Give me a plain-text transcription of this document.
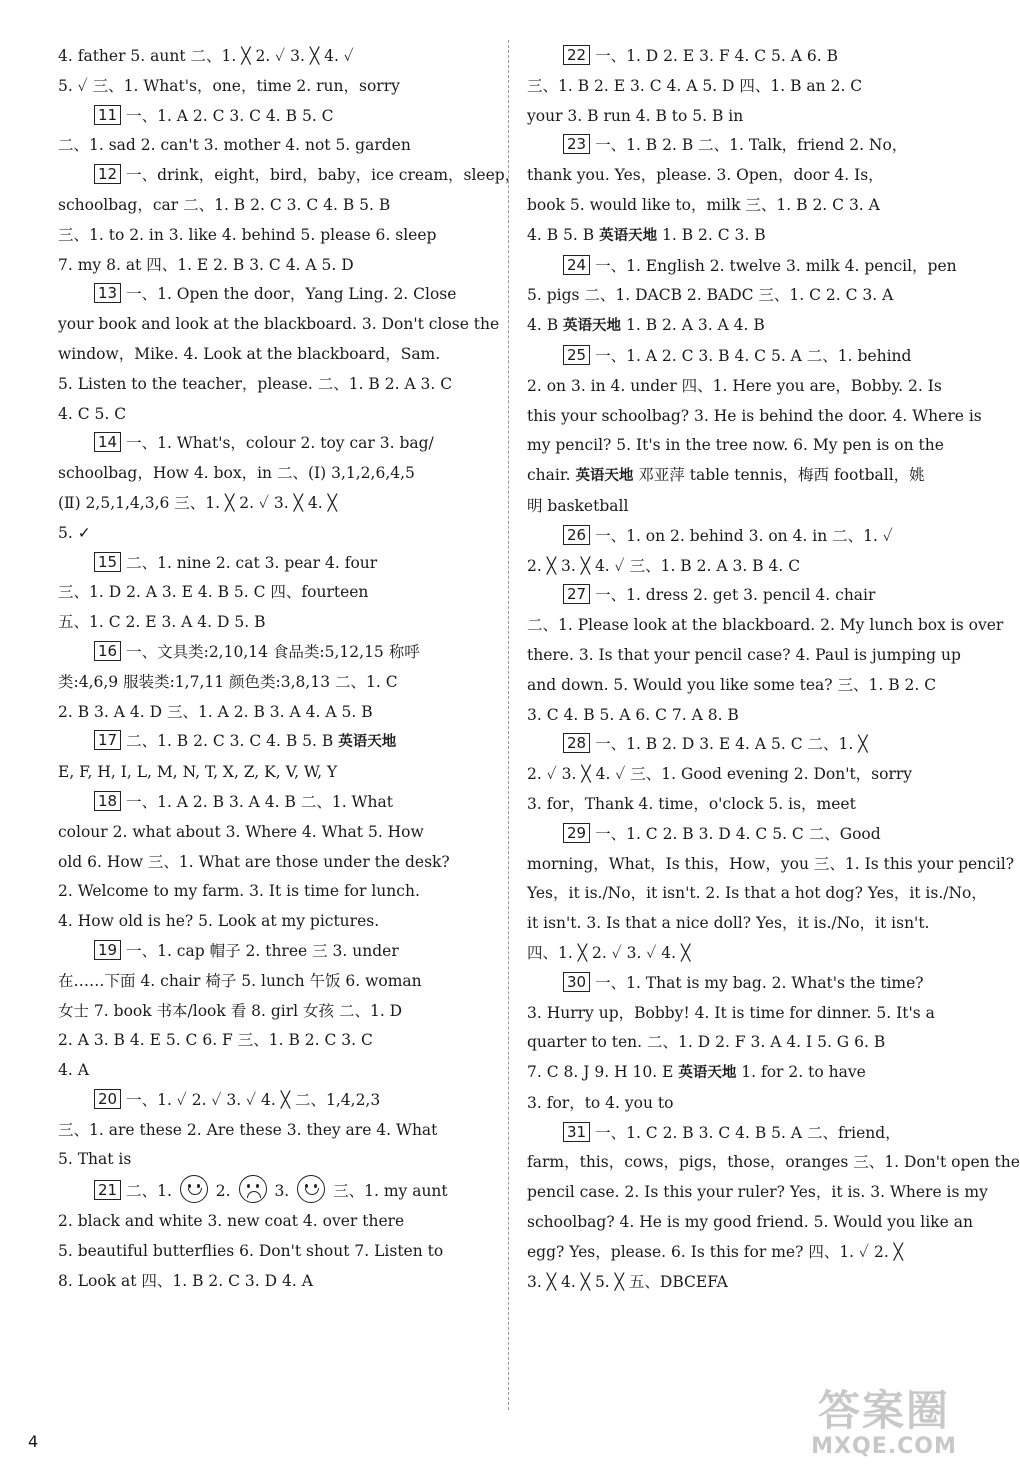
4. father 5. aunt 二、1. ╳ 2. ✓ 3. ╳ 4. ✓
5. ✓ 三、1. What's，one，time 2. run，sorry
11 一、1. A 2. C 3. C 4. B 5. C
二、1. sad 2. can't 3. mother 4. not 5. garden
12 一、drink，eight，bird，baby，ice cream，sleep，
schoolbag，car 二、1. B 2. C 3. C 4. B 5. B
三、1. to 2. in 3. like 4. behind 5. please 6. sleep
7. my 8. at 四、1. E 2. B 3. C 4. A 5. D
13 一、1. Open the door，Yang Ling. 2. Close
your book and look at the blackboard. 3. Don't close the
window，Mike. 4. Look at the blackboard，Sam.
5. Listen to the teacher，please. 二、1. B 2. A 3. C
4. C 5. C
14 一、1. What's，colour 2. toy car 3. bag/
schoolbag，How 4. box，in 二、(Ⅰ) 3,1,2,6,4,5
(Ⅱ) 2,5,1,4,3,6 三、1. ╳ 2. ✓ 3. ╳ 4. ╳
5. ✓
15 二、1. nine 2. cat 3. pear 4. four
三、1. D 2. A 3. E 4. B 5. C 四、fourteen
五、1. C 2. E 3. A 4. D 5. B
16 一、文具类:2,10,14 食品类:5,12,15 称呼
类:4,6,9 服装类:1,7,11 颜色类:3,8,13 二、1. C
2. B 3. A 4. D 三、1. A 2. B 3. A 4. A 5. B
17 二、1. B 2. C 3. C 4. B 5. B 英语天地
E, F, H, I, L, M, N, T, X, Z, K, V, W, Y
18 一、1. A 2. B 3. A 4. B 二、1. What
colour 2. what about 3. Where 4. What 5. How
old 6. How 三、1. What are those under the desk?
2. Welcome to my farm. 3. It is time for lunch.
4. How old is he? 5. Look at my pictures.
19 一、1. cap 帽子 2. three 三 3. under
在……下面 4. chair 椅子 5. lunch 午饭 6. woman
女士 7. book 书本/look 看 8. girl 女孩 二、1. D
2. A 3. B 4. E 5. C 6. F 三、1. B 2. C 3. C
4. A
20 一、1. ✓ 2. ✓ 3. ✓ 4. ╳ 二、1,4,2,3
三、1. are these 2. Are these 3. they are 4. What
5. That is
21 二、1.	2.	3.	三、1. my aunt
2. black and white 3. new coat 4. over there
5. beautiful butterflies 6. Don't shout 7. Listen to
8. Look at 四、1. B 2. C 3. D 4. A
22 一、1. D 2. E 3. F 4. C 5. A 6. B
三、1. B 2. E 3. C 4. A 5. D 四、1. B an 2. C
your 3. B run 4. B to 5. B in
23 一、1. B 2. B 二、1. Talk，friend 2. No，
thank you. Yes，please. 3. Open，door 4. Is，
book 5. would like to，milk 三、1. B 2. C 3. A
4. B 5. B 英语天地 1. B 2. C 3. B
24 一、1. English 2. twelve 3. milk 4. pencil，pen
5. pigs 二、1. DACB 2. BADC 三、1. C 2. C 3. A
4. B 英语天地 1. B 2. A 3. A 4. B
25 一、1. A 2. C 3. B 4. C 5. A 二、1. behind
2. on 3. in 4. under 四、1. Here you are，Bobby. 2. Is
this your schoolbag? 3. He is behind the door. 4. Where is
my pencil? 5. It's in the tree now. 6. My pen is on the
chair. 英语天地 邓亚萍 table tennis，梅西 football，姚
明 basketball
26 一、1. on 2. behind 3. on 4. in 二、1. ✓
2. ╳ 3. ╳ 4. ✓ 三、1. B 2. A 3. B 4. C
27 一、1. dress 2. get 3. pencil 4. chair
二、1. Please look at the blackboard. 2. My lunch box is over
there. 3. Is that your pencil case? 4. Paul is jumping up
and down. 5. Would you like some tea? 三、1. B 2. C
3. C 4. B 5. A 6. C 7. A 8. B
28 一、1. B 2. D 3. E 4. A 5. C 二、1. ╳
2. ✓ 3. ╳ 4. ✓ 三、1. Good evening 2. Don't，sorry
3. for，Thank 4. time，o'clock 5. is，meet
29 一、1. C 2. B 3. D 4. C 5. C 二、Good
morning，What，Is this，How，you 三、1. Is this your pencil?
Yes，it is./No，it isn't. 2. Is that a hot dog? Yes，it is./No，
it isn't. 3. Is that a nice doll? Yes，it is./No，it isn't.
四、1. ╳ 2. ✓ 3. ✓ 4. ╳
30 一、1. That is my bag. 2. What's the time?
3. Hurry up，Bobby! 4. It is time for dinner. 5. It's a
quarter to ten. 二、1. D 2. F 3. A 4. I 5. G 6. B
7. C 8. J 9. H 10. E 英语天地 1. for 2. to have
3. for，to 4. you to
31 一、1. C 2. B 3. C 4. B 5. A 二、friend，
farm，this，cows，pigs，those，oranges 三、1. Don't open the
pencil case. 2. Is this your ruler? Yes，it is. 3. Where is my
schoolbag? 4. He is my good friend. 5. Would you like an
egg? Yes，please. 6. Is this for me? 四、1. ✓ 2. ╳
3. ╳ 4. ╳ 5. ╳ 五、DBCEFA
4
答案圈
MXQE.COM
